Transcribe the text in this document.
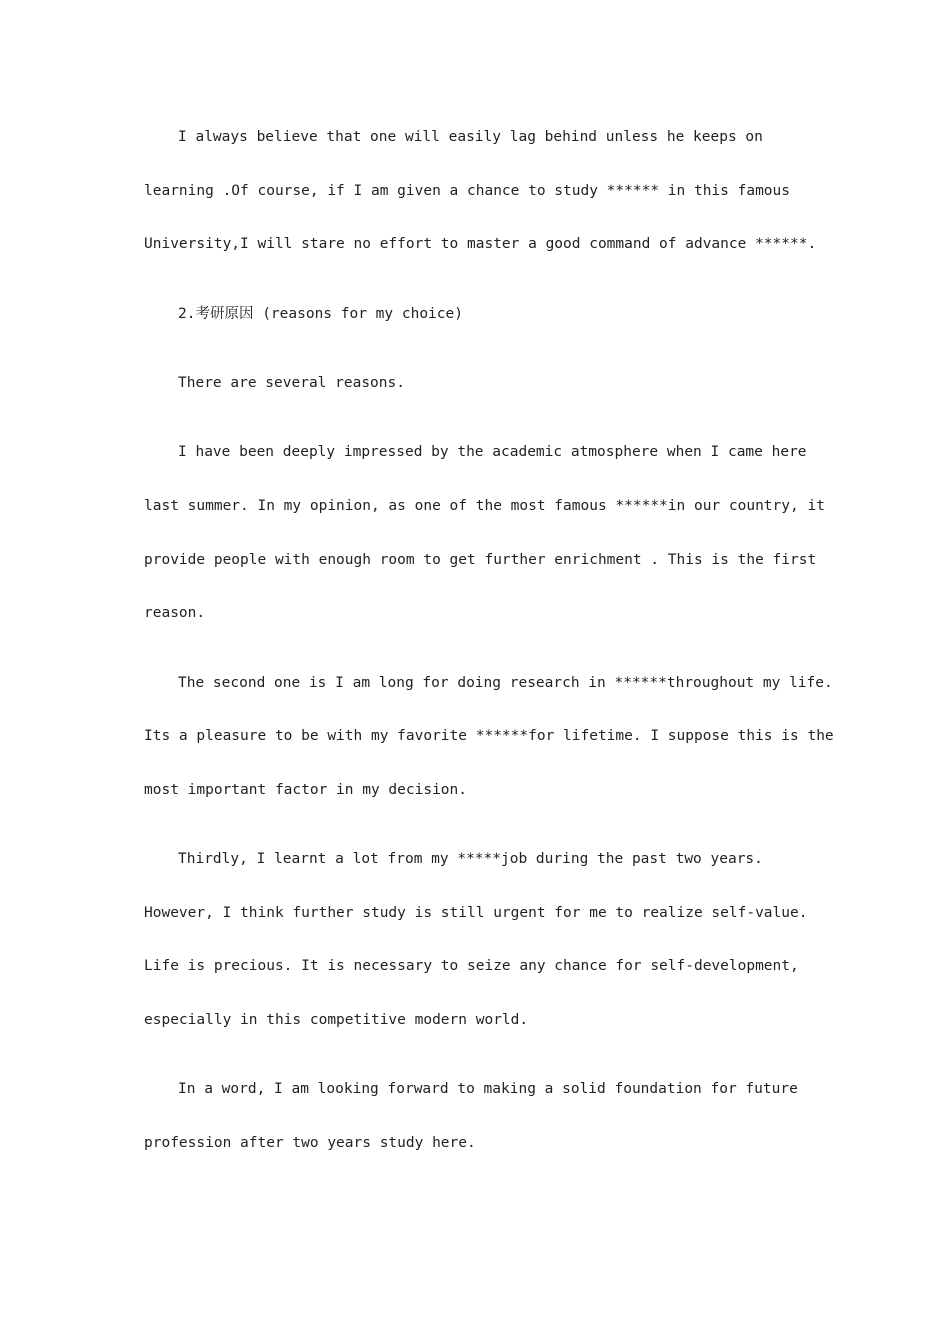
I always believe that one will easily lag behind unless he keeps on
learning .Of course, if I am given a chance to study ****** in this famous
University,I will stare no effort to master a good command of advance ******.
2.考研原因 (reasons for my choice)
There are several reasons.
I have been deeply impressed by the academic atmosphere when I came here
last summer. In my opinion, as one of the most famous ******in our country, it
provide people with enough room to get further enrichment . This is the first
reason.
The second one is I am long for doing research in ******throughout my life.
Its a pleasure to be with my favorite ******for lifetime. I suppose this is the
most important factor in my decision.
Thirdly, I learnt a lot from my *****job during the past two years.
However, I think further study is still urgent for me to realize self-value.
Life is precious. It is necessary to seize any chance for self-development,
especially in this competitive modern world.
In a word, I am looking forward to making a solid foundation for future
profession after two years study here.
